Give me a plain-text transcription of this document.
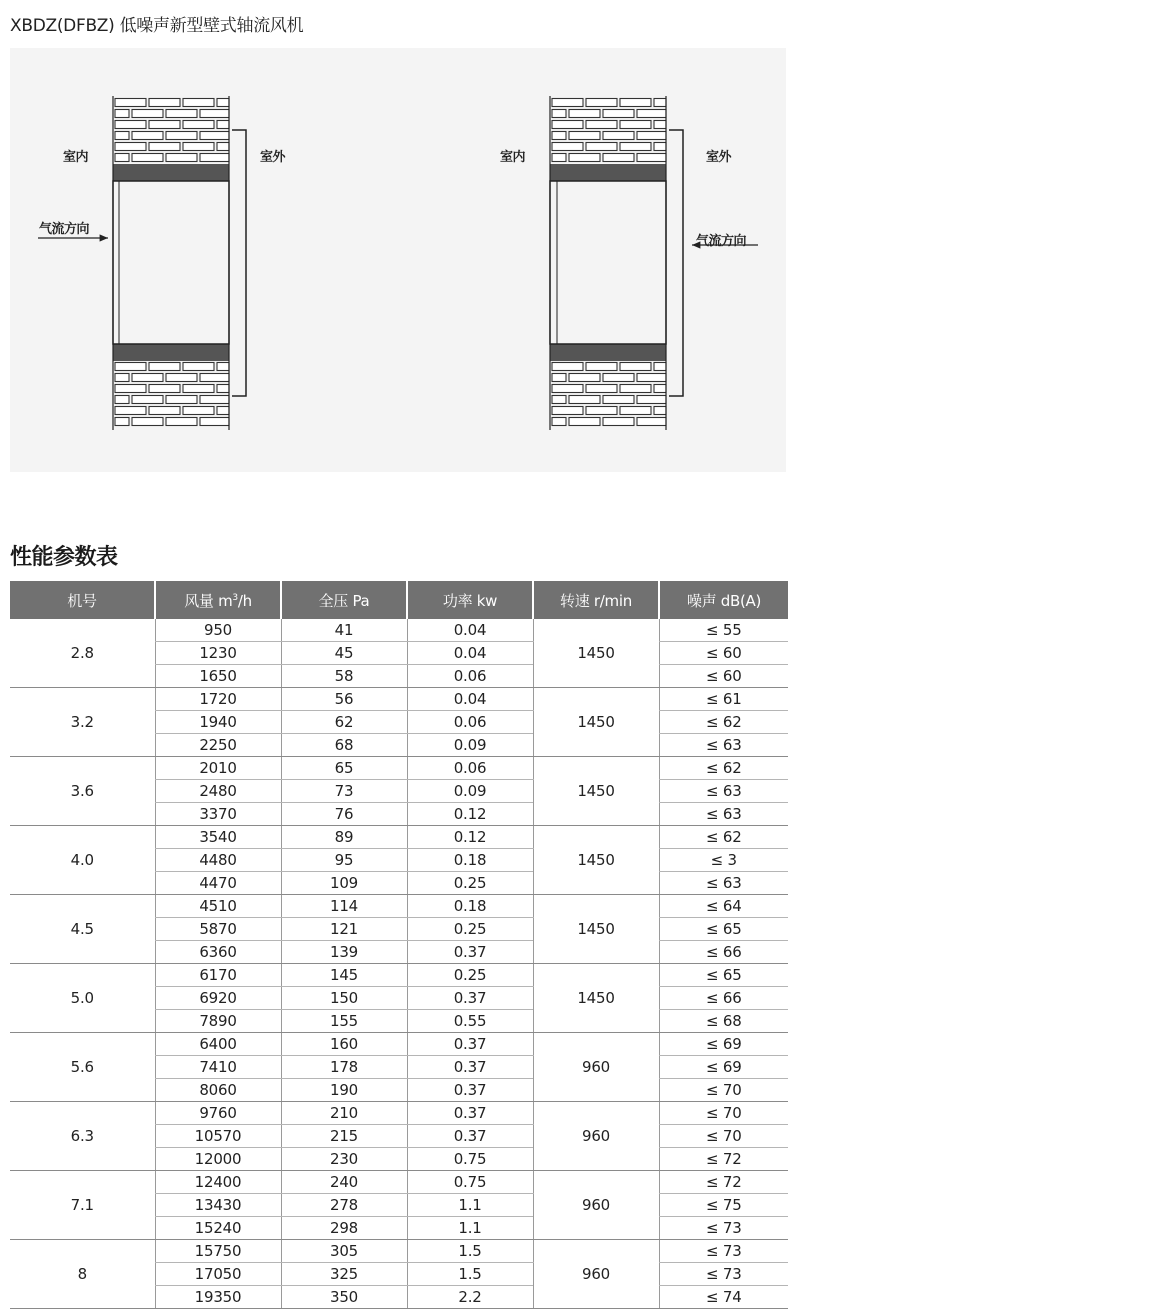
XBDZ(DFBZ) 低噪声新型壁式轴流风机
室内	室外
气流方向
室内	室外
气流方向
性能参数表
机号	风量 $m^3/h$	全压 Pa	功率 kw	转速 r/min	噪声 dB(A)
2.8	950	41	0.04	1450	≤ 55
	1230	45	0.04		≤ 60
	1650	58	0.06		≤ 60
3.2	1720	56	0.04	1450	≤ 61
	1940	62	0.06		≤ 62
	2250	68	0.09		≤ 63
3.6	2010	65	0.06	1450	≤ 62
	2480	73	0.09		≤ 63
	3370	76	0.12		≤ 63
4.0	3540	89	0.12	1450	≤ 62
	4480	95	0.18		≤ 3
	4470	109	0.25		≤ 63
4.5	4510	114	0.18	1450	≤ 64
	5870	121	0.25		≤ 65
	6360	139	0.37		≤ 66
5.0	6170	145	0.25	1450	≤ 65
	6920	150	0.37		≤ 66
	7890	155	0.55		≤ 68
5.6	6400	160	0.37	960	≤ 69
	7410	178	0.37		≤ 69
	8060	190	0.37		≤ 70
6.3	9760	210	0.37	960	≤ 70
	10570	215	0.37		≤ 70
	12000	230	0.75		≤ 72
7.1	12400	240	0.75	960	≤ 72
	13430	278	1.1		≤ 75
	15240	298	1.1		≤ 73
8	15750	305	1.5	960	≤ 73
	17050	325	1.5		≤ 73
	19350	350	2.2		≤ 74
